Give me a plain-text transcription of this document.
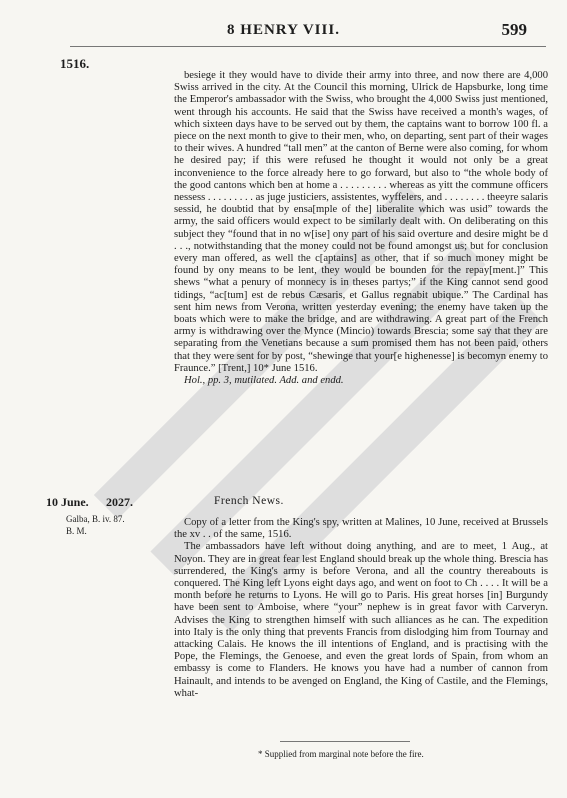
8 HENRY VIII.	599
1516.

besiege it they would have to divide their army into three, and now there are 4,000 Swiss arrived in the city. At the Council this morning, Ulrick de Hapsburke, long time the Emperor's ambassador with the Swiss, who brought the 4,000 Swiss just mentioned, went through his accounts. He said that the Swiss have received a month's wages, of which sixteen days have to be served out by them, the captains want to borrow 100 fl. a piece on the next month to give to their men, who, on departing, sent part of their wages to their wives. A hundred “tall men” at the canton of Berne were also coming, for whom he desired pay; if this were refused he thought it would not only be a great inconvenience to the force already here to go forward, but also to “the whole body of the good cantons which ben at home a . . . . . . . . . whereas as yitt the commune officers nessess . . . . . . . . . as juge justiciers, assistentes, wyffelers, and . . . . . . . . theeyre salaris sessid, he doubtid that by ensa[mple of the] liberalite which was usid” towards the army, the said officers would expect to be similarly dealt with. On deliberating on this subject they “found that in no w[ise] ony part of his said overture and desire might be d . . ., notwithstanding that the money could not be found amongst us; but for conclusion every man offered, as well the c[aptains] as other, that if so much money might be found by ony means to be lent, they would be bounden for the repay[ment.]” This shews “what a penury of monnecy is in theses partys;” if the King cannot send good tidings, “ac[tum] est de rebus Cæsaris, et Gallus regnabit ubique.” The Cardinal has sent him news from Verona, written yesterday evening; the enemy have taken up the boats which were to make the bridge, and are withdrawing. A great part of the French army is withdrawing over the Mynce (Mincio) towards Brescia; some say that they are separating from the Venetians because a sum promised them has not been paid, others that they were sent for by post, “shewinge that your[e highenesse] is becomyn enemy to Fraunce.” [Trent,] 10* June 1516.

Hol., pp. 3, mutilated. Add. and endd.

10 June. 2027.	French News.
Galba, B. iv. 87.
B. M.

Copy of a letter from the King's spy, written at Malines, 10 June, received at Brussels the xv . . of the same, 1516.

The ambassadors have left without doing anything, and are to meet, 1 Aug., at Noyon. They are in great fear lest England should break up the whole thing. Brescia has surrendered, the King's army is before Verona, and all the country thereabouts is conquered. The King left Lyons eight days ago, and went on foot to Ch . . . . It will be a month before he returns to Lyons. He will go to Paris. His great horses [in] Burgundy have been sent to Amboise, where “your” nephew is in great favor with Carveryn. Advises the King to strengthen himself with such alliances as he can. The expedition into Italy is the only thing that prevents Francis from dislodging him from Tournay and attacking Calais. He knows the ill intentions of England, and is practising with the Pope, the Flemings, the Genoese, and even the great lords of Spain, from whom an embassy is come to Flanders. He knows you have had a number of cannon from Hainault, and intends to be avenged on England, the King of Castile, and the Flemings, what-

* Supplied from marginal note before the fire.
